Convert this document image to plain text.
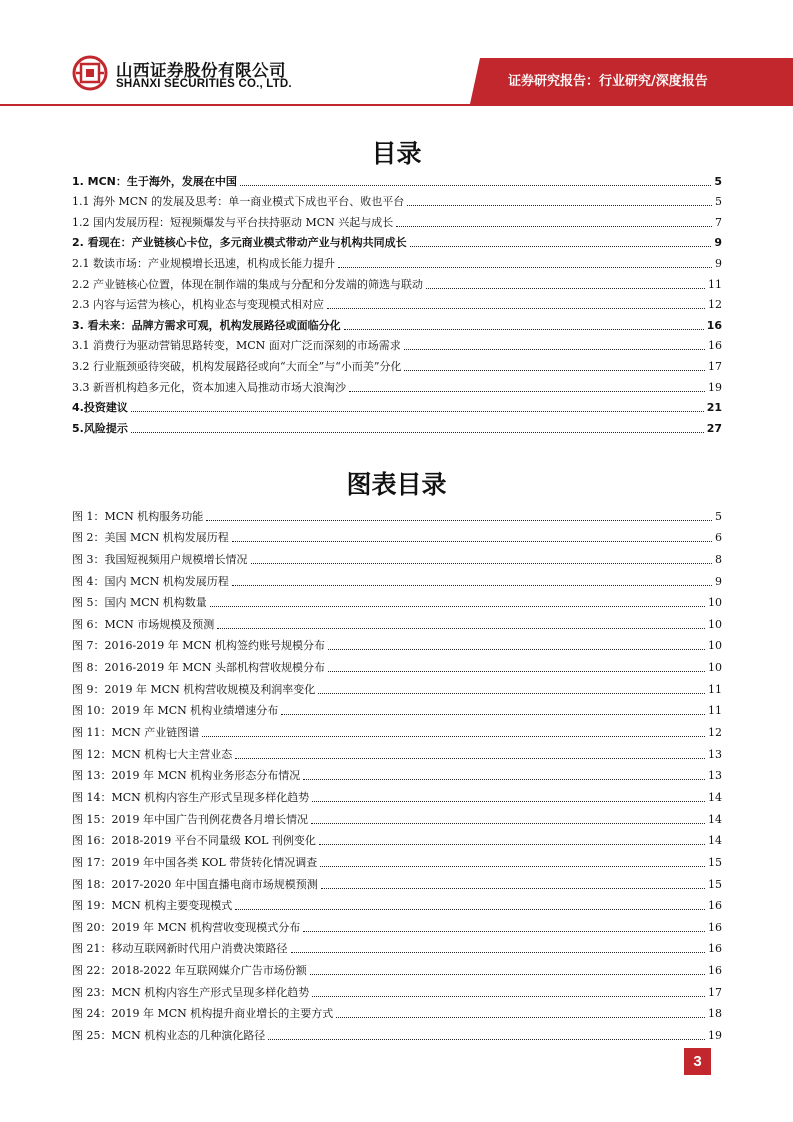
山西证券股份有限公司
SHANXI SECURITIES CO., LTD.	证券研究报告：行业研究/深度报告
目录
1. MCN：生于海外，发展在中国	5
1.1 海外 MCN 的发展及思考：单一商业模式下成也平台、败也平台	5
1.2 国内发展历程：短视频爆发与平台扶持驱动 MCN 兴起与成长	7
2. 看现在：产业链核心卡位，多元商业模式带动产业与机构共同成长	9
2.1 数读市场：产业规模增长迅速，机构成长能力提升	9
2.2 产业链核心位置，体现在制作端的集成与分配和分发端的筛选与联动	11
2.3 内容与运营为核心，机构业态与变现模式相对应	12
3. 看未来：品牌方需求可观，机构发展路径或面临分化	16
3.1 消费行为驱动营销思路转变，MCN 面对广泛而深刻的市场需求	16
3.2 行业瓶颈亟待突破，机构发展路径或向“大而全”与“小而美”分化	17
3.3 新晋机构趋多元化，资本加速入局推动市场大浪淘沙	19
4.投资建议	21
5.风险提示	27
图表目录
图 1：MCN 机构服务功能	5
图 2：美国 MCN 机构发展历程	6
图 3：我国短视频用户规模增长情况	8
图 4：国内 MCN 机构发展历程	9
图 5：国内 MCN 机构数量	10
图 6：MCN 市场规模及预测	10
图 7：2016-2019 年 MCN 机构签约账号规模分布	10
图 8：2016-2019 年 MCN 头部机构营收规模分布	10
图 9：2019 年 MCN 机构营收规模及利润率变化	11
图 10：2019 年 MCN 机构业绩增速分布	11
图 11：MCN 产业链图谱	12
图 12：MCN 机构七大主营业态	13
图 13：2019 年 MCN 机构业务形态分布情况	13
图 14：MCN 机构内容生产形式呈现多样化趋势	14
图 15：2019 年中国广告刊例花费各月增长情况	14
图 16：2018-2019 平台不同量级 KOL 刊例变化	14
图 17：2019 年中国各类 KOL 带货转化情况调查	15
图 18：2017-2020 年中国直播电商市场规模预测	15
图 19：MCN 机构主要变现模式	16
图 20：2019 年 MCN 机构营收变现模式分布	16
图 21：移动互联网新时代用户消费决策路径	16
图 22：2018-2022 年互联网媒介广告市场份额	16
图 23：MCN 机构内容生产形式呈现多样化趋势	17
图 24：2019 年 MCN 机构提升商业增长的主要方式	18
图 25：MCN 机构业态的几种演化路径	19
3
